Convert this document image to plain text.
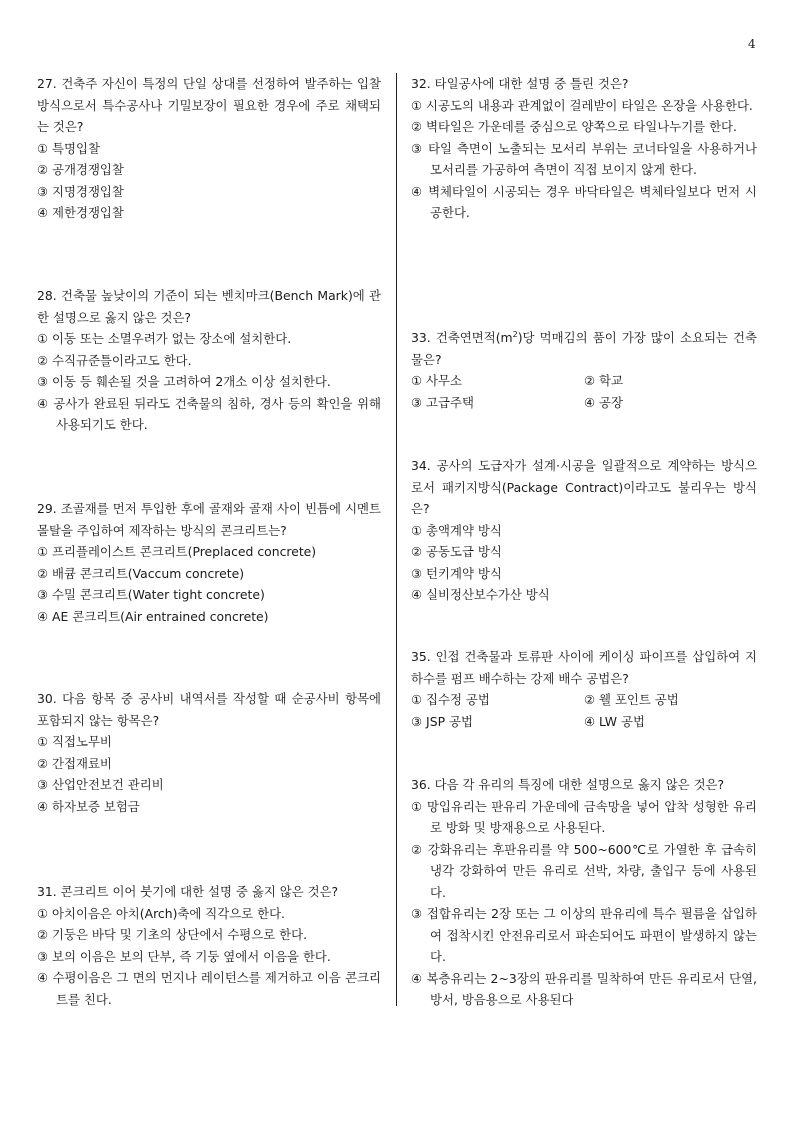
4

27. 건축주 자신이 특정의 단일 상대를 선정하여 발주하는 입찰방식으로서 특수공사나 기밀보장이 필요한 경우에 주로 채택되는 것은?

① 특명입찰

② 공개경쟁입찰

③ 지명경쟁입찰

④ 제한경쟁입찰

28. 건축물 높낮이의 기준이 되는 벤치마크(Bench Mark)에 관한 설명으로 옳지 않은 것은?

① 이동 또는 소멸우려가 없는 장소에 설치한다.

② 수직규준틀이라고도 한다.

③ 이동 등 훼손될 것을 고려하여 2개소 이상 설치한다.

④ 공사가 완료된 뒤라도 건축물의 침하, 경사 등의 확인을 위해 사용되기도 한다.

29. 조골재를 먼저 투입한 후에 골재와 골재 사이 빈틈에 시멘트 몰탈을 주입하여 제작하는 방식의 콘크리트는?

① 프리플레이스트 콘크리트(Preplaced concrete)

② 배큠 콘크리트(Vaccum concrete)

③ 수밀 콘크리트(Water tight concrete)

④ AE 콘크리트(Air entrained concrete)

30. 다음 항목 중 공사비 내역서를 작성할 때 순공사비 항목에 포함되지 않는 항목은?

① 직접노무비

② 간접재료비

③ 산업안전보건 관리비

④ 하자보증 보험금

31. 콘크리트 이어 붓기에 대한 설명 중 옳지 않은 것은?

① 아치이음은 아치(Arch)축에 직각으로 한다.

② 기둥은 바닥 및 기초의 상단에서 수평으로 한다.

③ 보의 이음은 보의 단부, 즉 기둥 옆에서 이음을 한다.

④ 수평이음은 그 면의 먼지나 레이턴스를 제거하고 이음 콘크리트를 친다.

32. 타일공사에 대한 설명 중 틀린 것은?

① 시공도의 내용과 관계없이 걸레받이 타일은 온장을 사용한다.

② 벽타일은 가운데를 중심으로 양쪽으로 타일나누기를 한다.

③ 타일 측면이 노출되는 모서리 부위는 코너타일을 사용하거나 모서리를 가공하여 측면이 직접 보이지 않게 한다.

④ 벽체타일이 시공되는 경우 바닥타일은 벽체타일보다 먼저 시공한다.

33. 건축연면적$(m^2)$당 먹매김의 품이 가장 많이 소요되는 건축물은?

① 사무소	② 학교

③ 고급주택	④ 공장

34. 공사의 도급자가 설계·시공을 일괄적으로 계약하는 방식으로서 패키지방식(Package Contract)이라고도 불리우는 방식은?

① 총액계약 방식

② 공동도급 방식

③ 턴키계약 방식

④ 실비정산보수가산 방식

35. 인접 건축물과 토류판 사이에 케이싱 파이프를 삽입하여 지하수를 펌프 배수하는 강제 배수 공법은?

① 집수정 공법	② 웰 포인트 공법

③ JSP 공법	④ LW 공법

36. 다음 각 유리의 특징에 대한 설명으로 옳지 않은 것은?

① 망입유리는 판유리 가운데에 금속망을 넣어 압착 성형한 유리로 방화 및 방재용으로 사용된다.

② 강화유리는 후판유리를 약 500~600℃로 가열한 후 급속히 냉각 강화하여 만든 유리로 선박, 차량, 출입구 등에 사용된다.

③ 접합유리는 2장 또는 그 이상의 판유리에 특수 필름을 삽입하여 접착시킨 안전유리로서 파손되어도 파편이 발생하지 않는다.

④ 복층유리는 2~3장의 판유리를 밀착하여 만든 유리로서 단열, 방서, 방음용으로 사용된다
